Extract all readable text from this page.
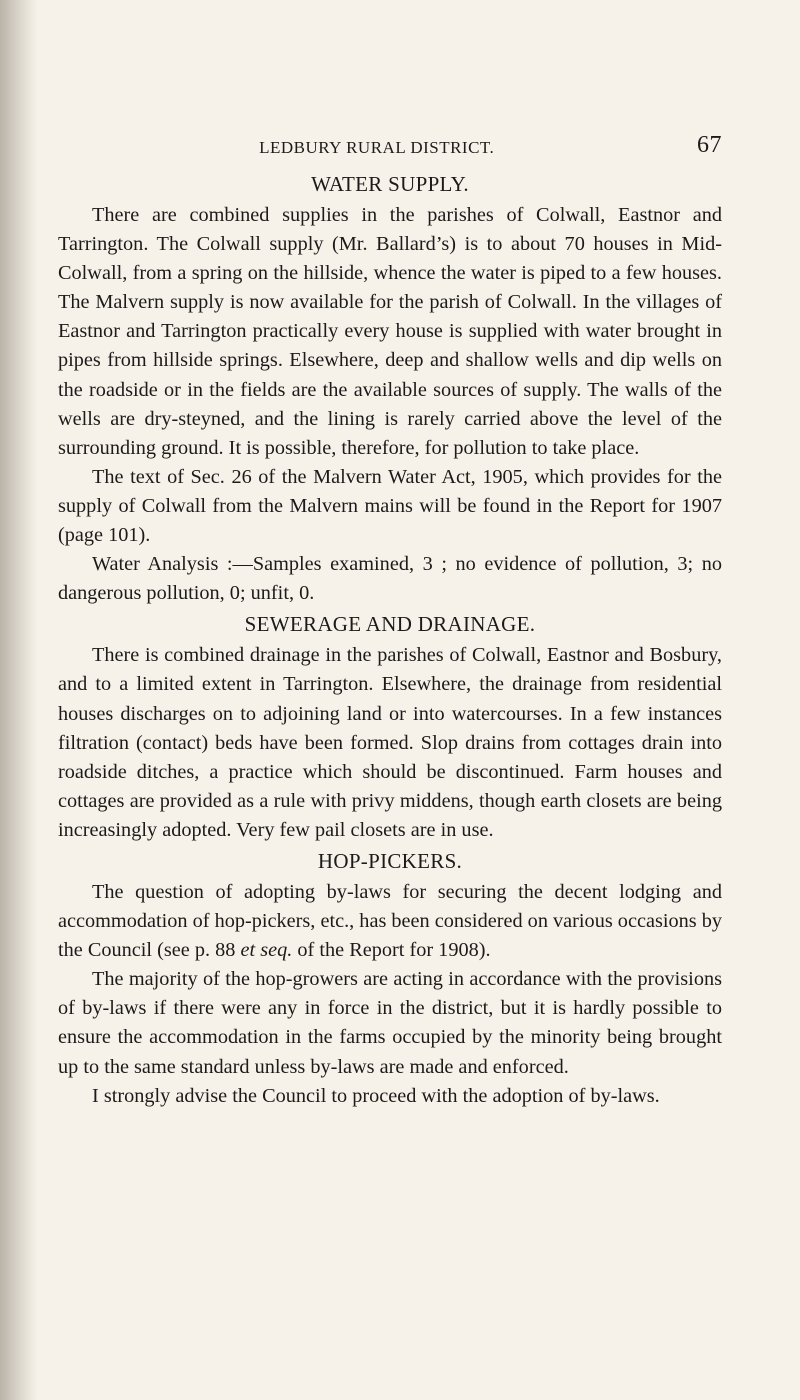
LEDBURY RURAL DISTRICT.	67
WATER SUPPLY.

There are combined supplies in the parishes of Colwall, Eastnor and Tarrington. The Colwall supply (Mr. Ballard’s) is to about 70 houses in Mid-Colwall, from a spring on the hillside, whence the water is piped to a few houses. The Malvern supply is now available for the parish of Colwall. In the villages of Eastnor and Tarrington practically every house is supplied with water brought in pipes from hillside springs. Elsewhere, deep and shallow wells and dip wells on the roadside or in the fields are the available sources of supply. The walls of the wells are dry-steyned, and the lining is rarely carried above the level of the surrounding ground. It is possible, therefore, for pollution to take place.

The text of Sec. 26 of the Malvern Water Act, 1905, which provides for the supply of Colwall from the Malvern mains will be found in the Report for 1907 (page 101).

Water Analysis :—Samples examined, 3 ; no evidence of pollution, 3; no dangerous pollution, 0; unfit, 0.

SEWERAGE AND DRAINAGE.

There is combined drainage in the parishes of Colwall, Eastnor and Bosbury, and to a limited extent in Tarrington. Elsewhere, the drainage from residential houses discharges on to adjoining land or into watercourses. In a few instances filtration (contact) beds have been formed. Slop drains from cottages drain into roadside ditches, a practice which should be discontinued. Farm houses and cottages are provided as a rule with privy middens, though earth closets are being increasingly adopted. Very few pail closets are in use.

HOP-PICKERS.

The question of adopting by-laws for securing the decent lodging and accommodation of hop-pickers, etc., has been considered on various occasions by the Council (see p. 88 et seq. of the Report for 1908).

The majority of the hop-growers are acting in accordance with the provisions of by-laws if there were any in force in the district, but it is hardly possible to ensure the accommodation in the farms occupied by the minority being brought up to the same standard unless by-laws are made and enforced.

I strongly advise the Council to proceed with the adoption of by-laws.
